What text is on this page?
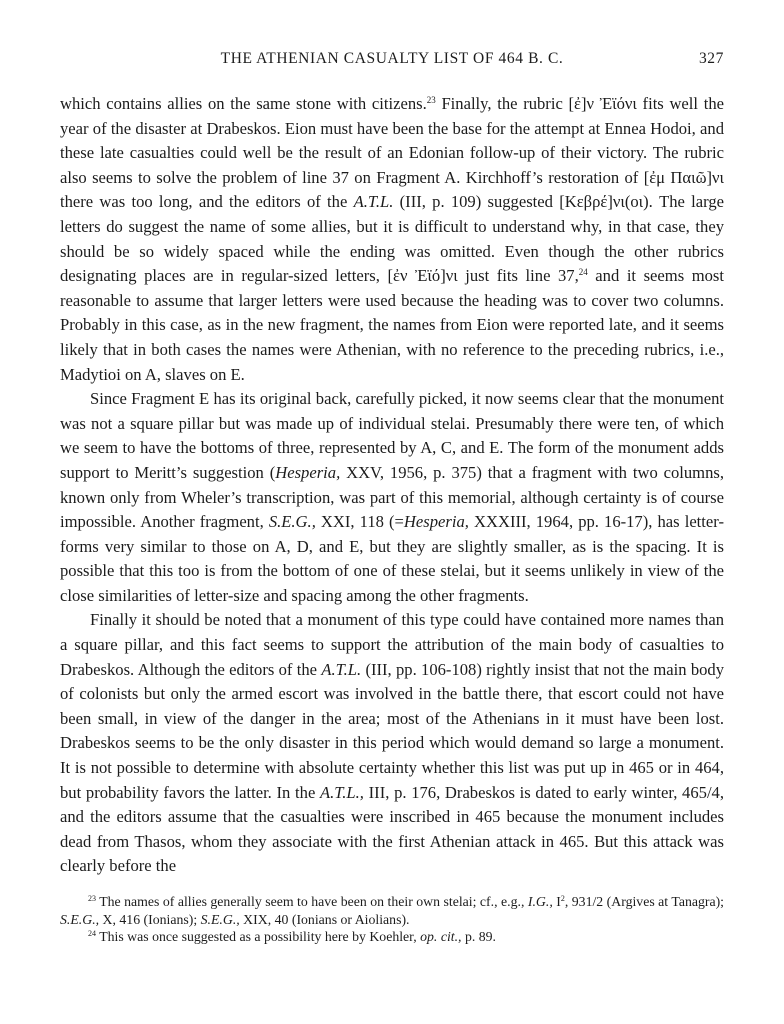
THE ATHENIAN CASUALTY LIST OF 464 B. C.	327

which contains allies on the same stone with citizens.$^{23}$ Finally, the rubric [ἐ]ν Ἐϊόνι fits well the year of the disaster at Drabeskos. Eion must have been the base for the attempt at Ennea Hodoi, and these late casualties could well be the result of an Edonian follow-up of their victory. The rubric also seems to solve the problem of line 37 on Fragment A. Kirchhoff’s restoration of [ἐμ Παιῶ]νι there was too long, and the editors of the A.T.L. (III, p. 109) suggested [Κεβρέ]νι(οι). The large letters do suggest the name of some allies, but it is difficult to understand why, in that case, they should be so widely spaced while the ending was omitted. Even though the other rubrics designating places are in regular-sized letters, [ἐν Ἐϊό]νι just fits line 37,24 and it seems most reasonable to assume that larger letters were used because the heading was to cover two columns. Probably in this case, as in the new fragment, the names from Eion were reported late, and it seems likely that in both cases the names were Athenian, with no reference to the preceding rubrics, i.e., Madytioi on A, slaves on E.

Since Fragment E has its original back, carefully picked, it now seems clear that the monument was not a square pillar but was made up of individual stelai. Presumably there were ten, of which we seem to have the bottoms of three, represented by A, C, and E. The form of the monument adds support to Meritt’s suggestion (Hesperia, XXV, 1956, p. 375) that a fragment with two columns, known only from Wheler’s transcription, was part of this memorial, although certainty is of course impossible. Another fragment, S.E.G., XXI, 118 (=Hesperia, XXXIII, 1964, pp. 16-17), has letter-forms very similar to those on A, D, and E, but they are slightly smaller, as is the spacing. It is possible that this too is from the bottom of one of these stelai, but it seems unlikely in view of the close similarities of letter-size and spacing among the other fragments.

Finally it should be noted that a monument of this type could have contained more names than a square pillar, and this fact seems to support the attribution of the main body of casualties to Drabeskos. Although the editors of the A.T.L. (III, pp. 106-108) rightly insist that not the main body of colonists but only the armed escort was involved in the battle there, that escort could not have been small, in view of the danger in the area; most of the Athenians in it must have been lost. Drabeskos seems to be the only disaster in this period which would demand so large a monument. It is not possible to determine with absolute certainty whether this list was put up in 465 or in 464, but probability favors the latter. In the A.T.L., III, p. 176, Drabeskos is dated to early winter, 465/4, and the editors assume that the casualties were inscribed in 465 because the monument includes dead from Thasos, whom they associate with the first Athenian attack in 465. But this attack was clearly before the

$^{23}$ The names of allies generally seem to have been on their own stelai; cf., e.g., I.G., $I^2$, 931/2 (Argives at Tanagra); S.E.G., X, 416 (Ionians); S.E.G., XIX, 40 (Ionians or Aiolians).

$^{24}$ This was once suggested as a possibility here by Koehler, op. cit., p. 89.
